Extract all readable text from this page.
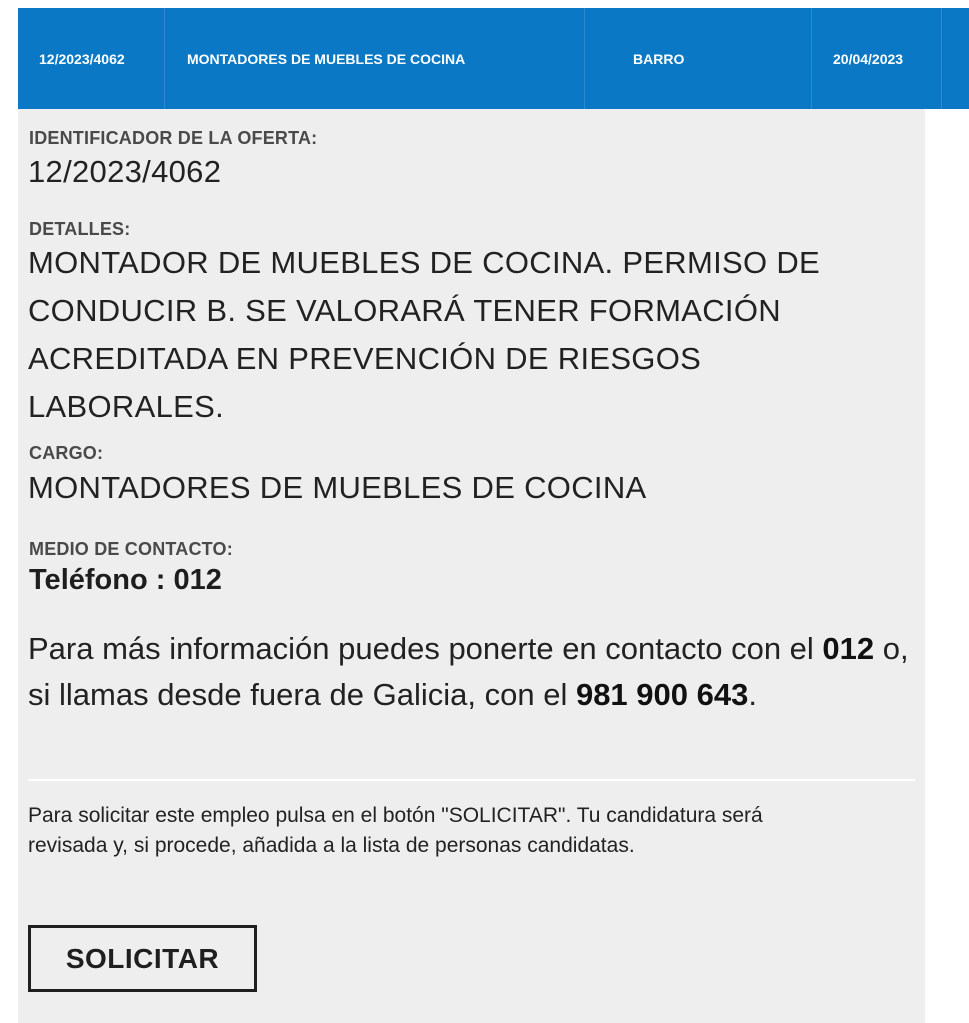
12/2023/4062	MONTADORES DE MUEBLES DE COCINA	BARRO	20/04/2023
IDENTIFICADOR DE LA OFERTA:
12/2023/4062
DETALLES:
MONTADOR DE MUEBLES DE COCINA. PERMISO DE
CONDUCIR B. SE VALORARÁ TENER FORMACIÓN
ACREDITADA EN PREVENCIÓN DE RIESGOS
LABORALES.
CARGO:
MONTADORES DE MUEBLES DE COCINA
MEDIO DE CONTACTO:
Teléfono : 012
Para más información puedes ponerte en contacto con el 012 o, si llamas desde fuera de Galicia, con el 981 900 643.
Para solicitar este empleo pulsa en el botón "SOLICITAR". Tu candidatura será revisada y, si procede, añadida a la lista de personas candidatas.
SOLICITAR
